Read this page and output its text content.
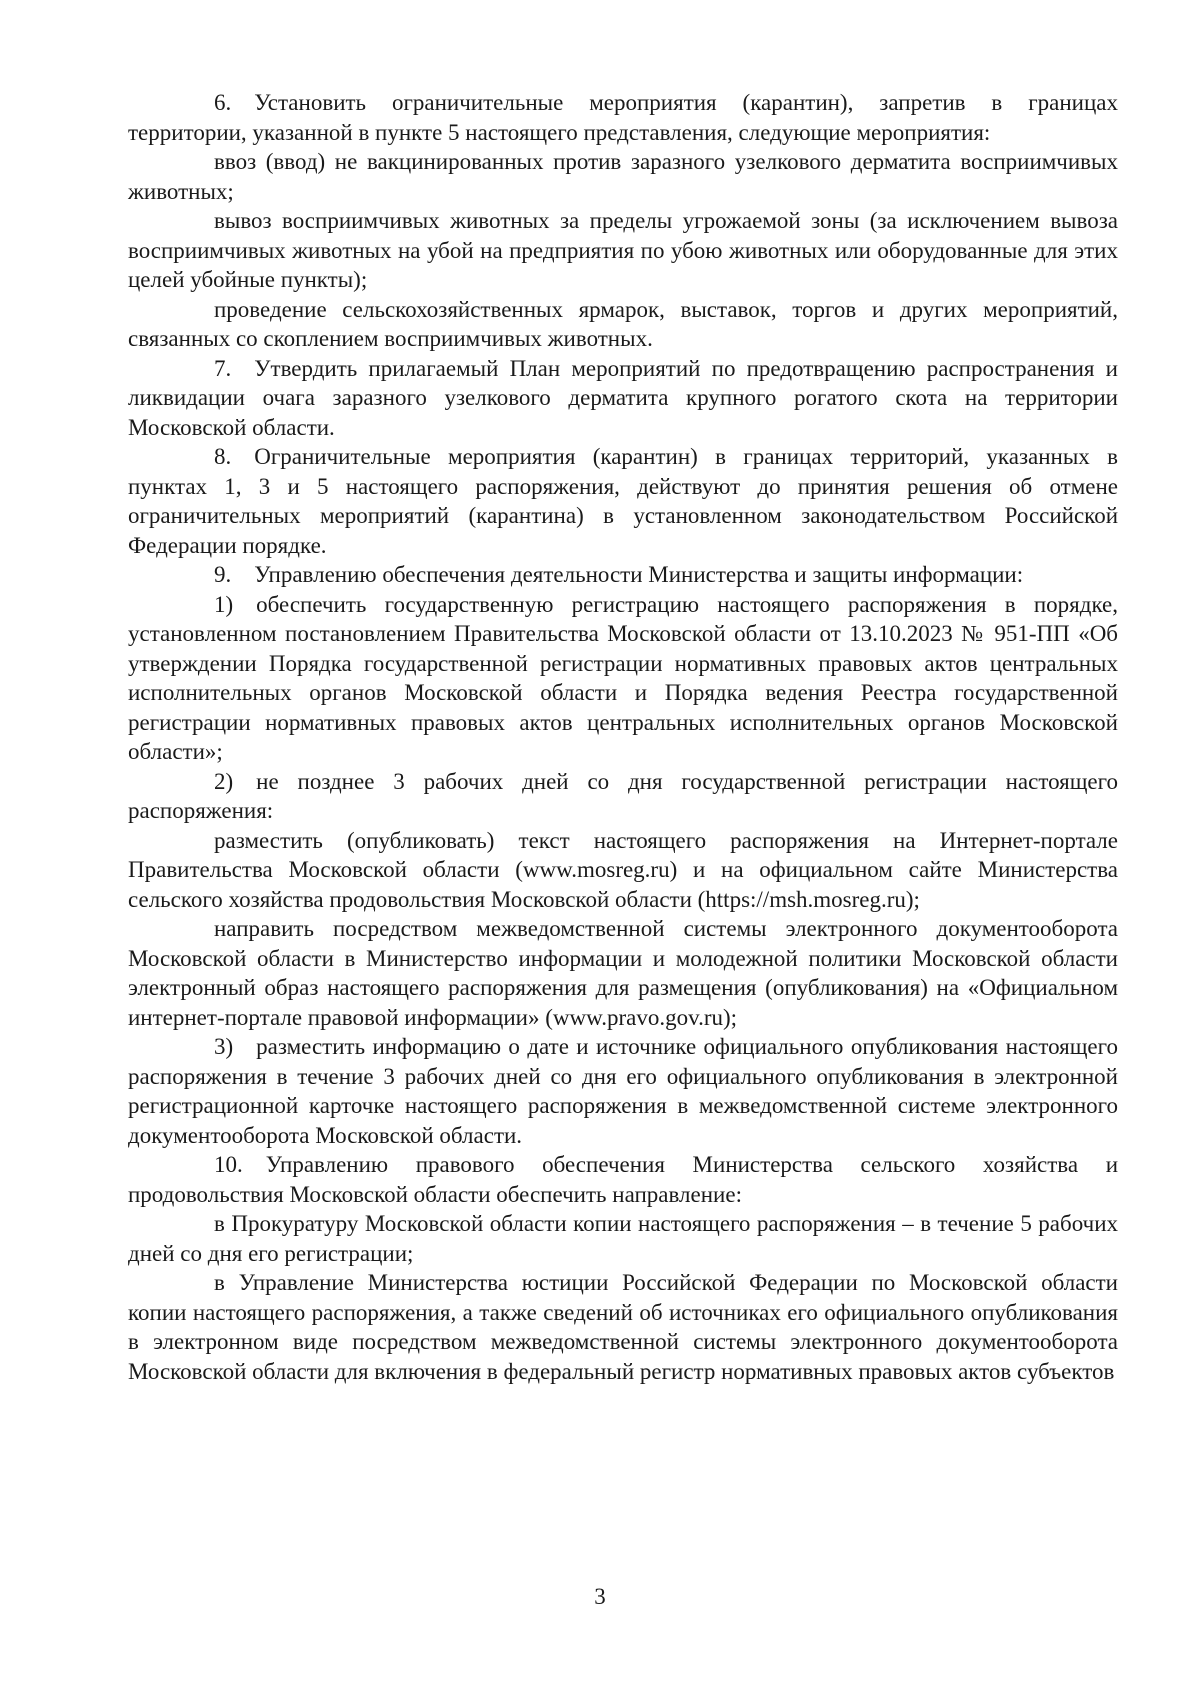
6. Установить ограничительные мероприятия (карантин), запретив в границах территории, указанной в пункте 5 настоящего представления, следующие мероприятия:

ввоз (ввод) не вакцинированных против заразного узелкового дерматита восприимчивых животных;

вывоз восприимчивых животных за пределы угрожаемой зоны (за исключением вывоза восприимчивых животных на убой на предприятия по убою животных или оборудованные для этих целей убойные пункты);

проведение сельскохозяйственных ярмарок, выставок, торгов и других мероприятий, связанных со скоплением восприимчивых животных.

7. Утвердить прилагаемый План мероприятий по предотвращению распространения и ликвидации очага заразного узелкового дерматита крупного рогатого скота на территории Московской области.

8. Ограничительные мероприятия (карантин) в границах территорий, указанных в пунктах 1, 3 и 5 настоящего распоряжения, действуют до принятия решения об отмене ограничительных мероприятий (карантина) в установленном законодательством Российской Федерации порядке.

9. Управлению обеспечения деятельности Министерства и защиты информации:

1) обеспечить государственную регистрацию настоящего распоряжения в порядке, установленном постановлением Правительства Московской области от 13.10.2023 № 951-ПП «Об утверждении Порядка государственной регистрации нормативных правовых актов центральных исполнительных органов Московской области и Порядка ведения Реестра государственной регистрации нормативных правовых актов центральных исполнительных органов Московской области»;

2) не позднее 3 рабочих дней со дня государственной регистрации настоящего распоряжения:

разместить (опубликовать) текст настоящего распоряжения на Интернет-портале Правительства Московской области (www.mosreg.ru) и на официальном сайте Министерства сельского хозяйства продовольствия Московской области (https://msh.mosreg.ru);

направить посредством межведомственной системы электронного документооборота Московской области в Министерство информации и молодежной политики Московской области электронный образ настоящего распоряжения для размещения (опубликования) на «Официальном интернет-портале правовой информации» (www.pravo.gov.ru);

3) разместить информацию о дате и источнике официального опубликования настоящего распоряжения в течение 3 рабочих дней со дня его официального опубликования в электронной регистрационной карточке настоящего распоряжения в межведомственной системе электронного документооборота Московской области.

10. Управлению правового обеспечения Министерства сельского хозяйства и продовольствия Московской области обеспечить направление:

в Прокуратуру Московской области копии настоящего распоряжения – в течение 5 рабочих дней со дня его регистрации;

в Управление Министерства юстиции Российской Федерации по Московской области копии настоящего распоряжения, а также сведений об источниках его официального опубликования в электронном виде посредством межведомственной системы электронного документооборота Московской области для включения в федеральный регистр нормативных правовых актов субъектов

3
